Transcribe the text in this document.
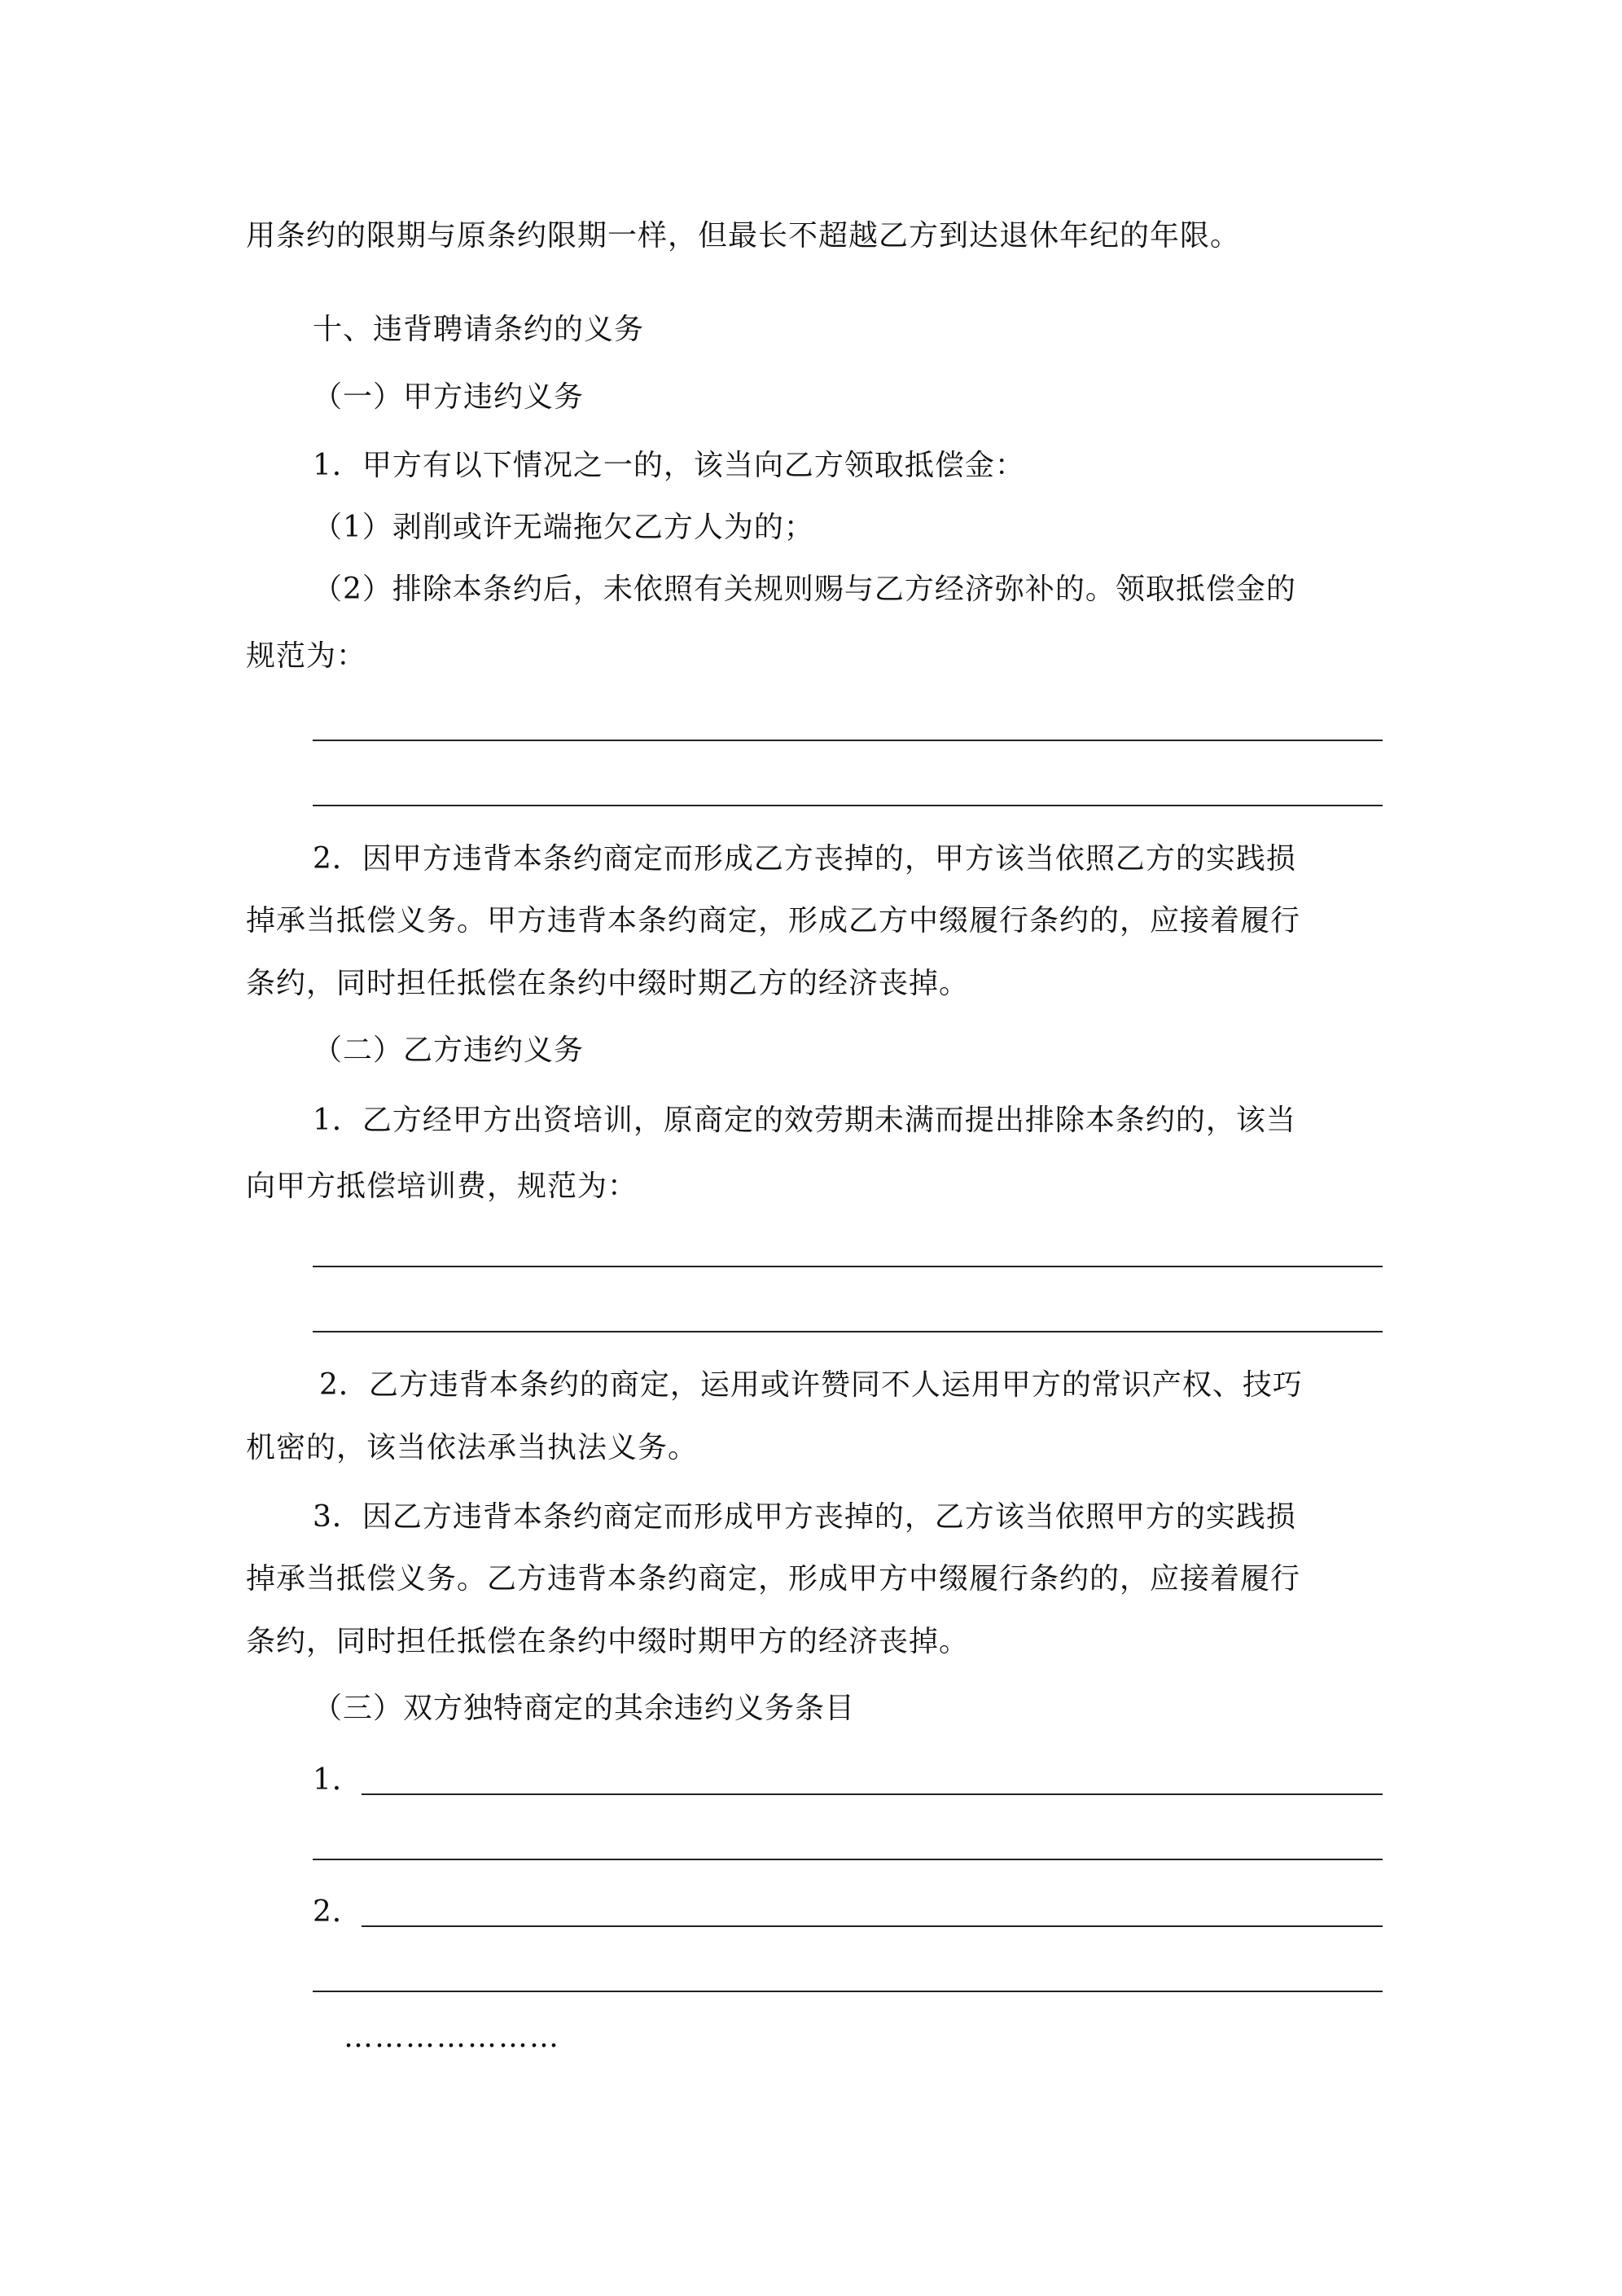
用条约的限期与原条约限期一样，但最长不超越乙方到达退休年纪的年限。

十、违背聘请条约的义务

（一）甲方违约义务

1．甲方有以下情况之一的，该当向乙方领取抵偿金：

（1）剥削或许无端拖欠乙方人为的；

（2）排除本条约后，未依照有关规则赐与乙方经济弥补的。领取抵偿金的

规范为：

2．因甲方违背本条约商定而形成乙方丧掉的，甲方该当依照乙方的实践损

掉承当抵偿义务。甲方违背本条约商定，形成乙方中缀履行条约的，应接着履行

条约，同时担任抵偿在条约中缀时期乙方的经济丧掉。

（二）乙方违约义务

1．乙方经甲方出资培训，原商定的效劳期未满而提出排除本条约的，该当

向甲方抵偿培训费，规范为：

2．乙方违背本条约的商定，运用或许赞同不人运用甲方的常识产权、技巧

机密的，该当依法承当执法义务。

3．因乙方违背本条约商定而形成甲方丧掉的，乙方该当依照甲方的实践损

掉承当抵偿义务。乙方违背本条约商定，形成甲方中缀履行条约的，应接着履行

条约，同时担任抵偿在条约中缀时期甲方的经济丧掉。

（三）双方独特商定的其余违约义务条目

1．

2．

…………………
